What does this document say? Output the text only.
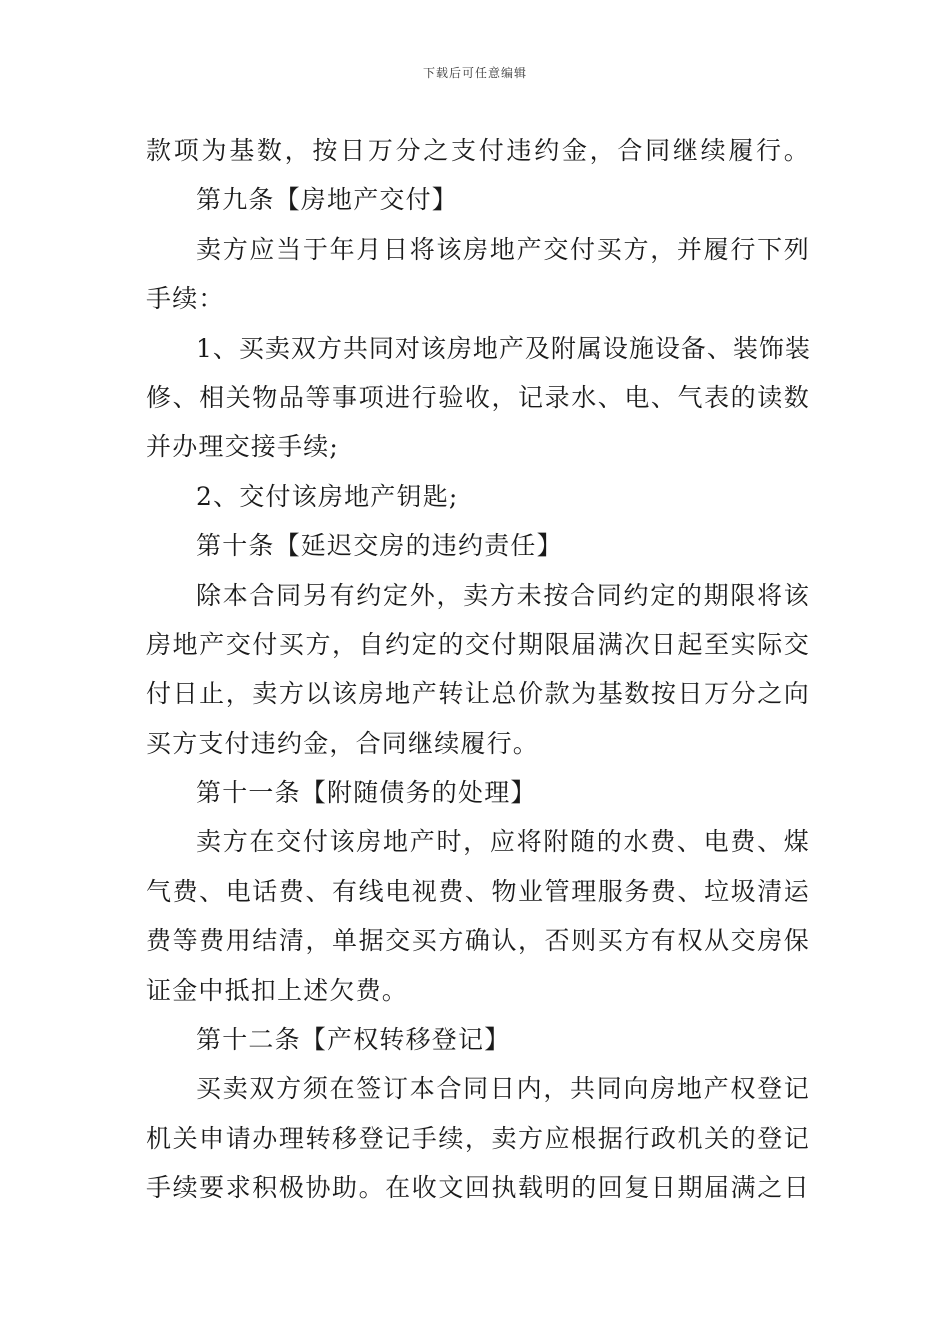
下载后可任意编辑
款项为基数，按日万分之支付违约金，合同继续履行。
第九条【房地产交付】
卖方应当于年月日将该房地产交付买方，并履行下列
手续：
1、买卖双方共同对该房地产及附属设施设备、装饰装
修、相关物品等事项进行验收，记录水、电、气表的读数
并办理交接手续;
2、交付该房地产钥匙;
第十条【延迟交房的违约责任】
除本合同另有约定外，卖方未按合同约定的期限将该
房地产交付买方，自约定的交付期限届满次日起至实际交
付日止，卖方以该房地产转让总价款为基数按日万分之向
买方支付违约金，合同继续履行。
第十一条【附随债务的处理】
卖方在交付该房地产时，应将附随的水费、电费、煤
气费、电话费、有线电视费、物业管理服务费、垃圾清运
费等费用结清，单据交买方确认，否则买方有权从交房保
证金中抵扣上述欠费。
第十二条【产权转移登记】
买卖双方须在签订本合同日内，共同向房地产权登记
机关申请办理转移登记手续，卖方应根据行政机关的登记
手续要求积极协助。在收文回执载明的回复日期届满之日
